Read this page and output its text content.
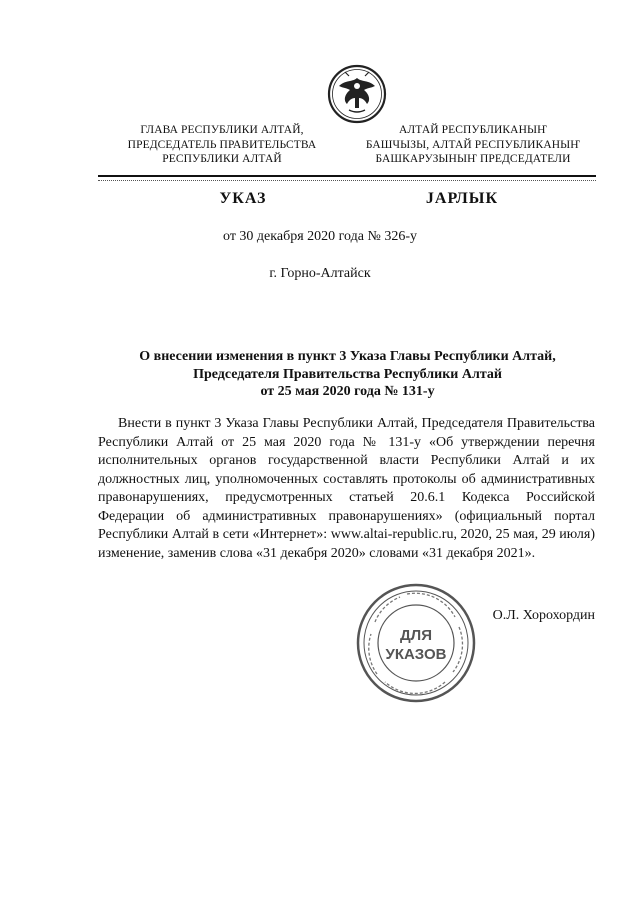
ГЛАВА РЕСПУБЛИКИ АЛТАЙ,
ПРЕДСЕДАТЕЛЬ ПРАВИТЕЛЬСТВА
РЕСПУБЛИКИ АЛТАЙ
АЛТАЙ РЕСПУБЛИКАНЫҤ
БАШЧЫЗЫ, АЛТАЙ РЕСПУБЛИКАНЫҤ
БАШКАРУЗЫНЫҤ ПРЕДСЕДАТЕЛИ
УКАЗ	JАРЛЫК
от 30 декабря 2020 года № 326-у
г. Горно-Алтайск
О внесении изменения в пункт 3 Указа Главы Республики Алтай,
Председателя Правительства Республики Алтай
от 25 мая 2020 года № 131-у

Внести в пункт 3 Указа Главы Республики Алтай, Председателя Правительства Республики Алтай от 25 мая 2020 года № 131-у «Об утверждении перечня исполнительных органов государственной власти Республики Алтай и их должностных лиц, уполномоченных составлять протоколы об административных правонарушениях, предусмотренных статьей 20.6.1 Кодекса Российской Федерации об административных правонарушениях» (официальный портал Республики Алтай в сети «Интернет»: www.altai-republic.ru, 2020, 25 мая, 29 июля) изменение, заменив слова «31 декабря 2020» словами «31 декабря 2021».

ДЛЯ
УКАЗОВ
О.Л. Хорохордин
